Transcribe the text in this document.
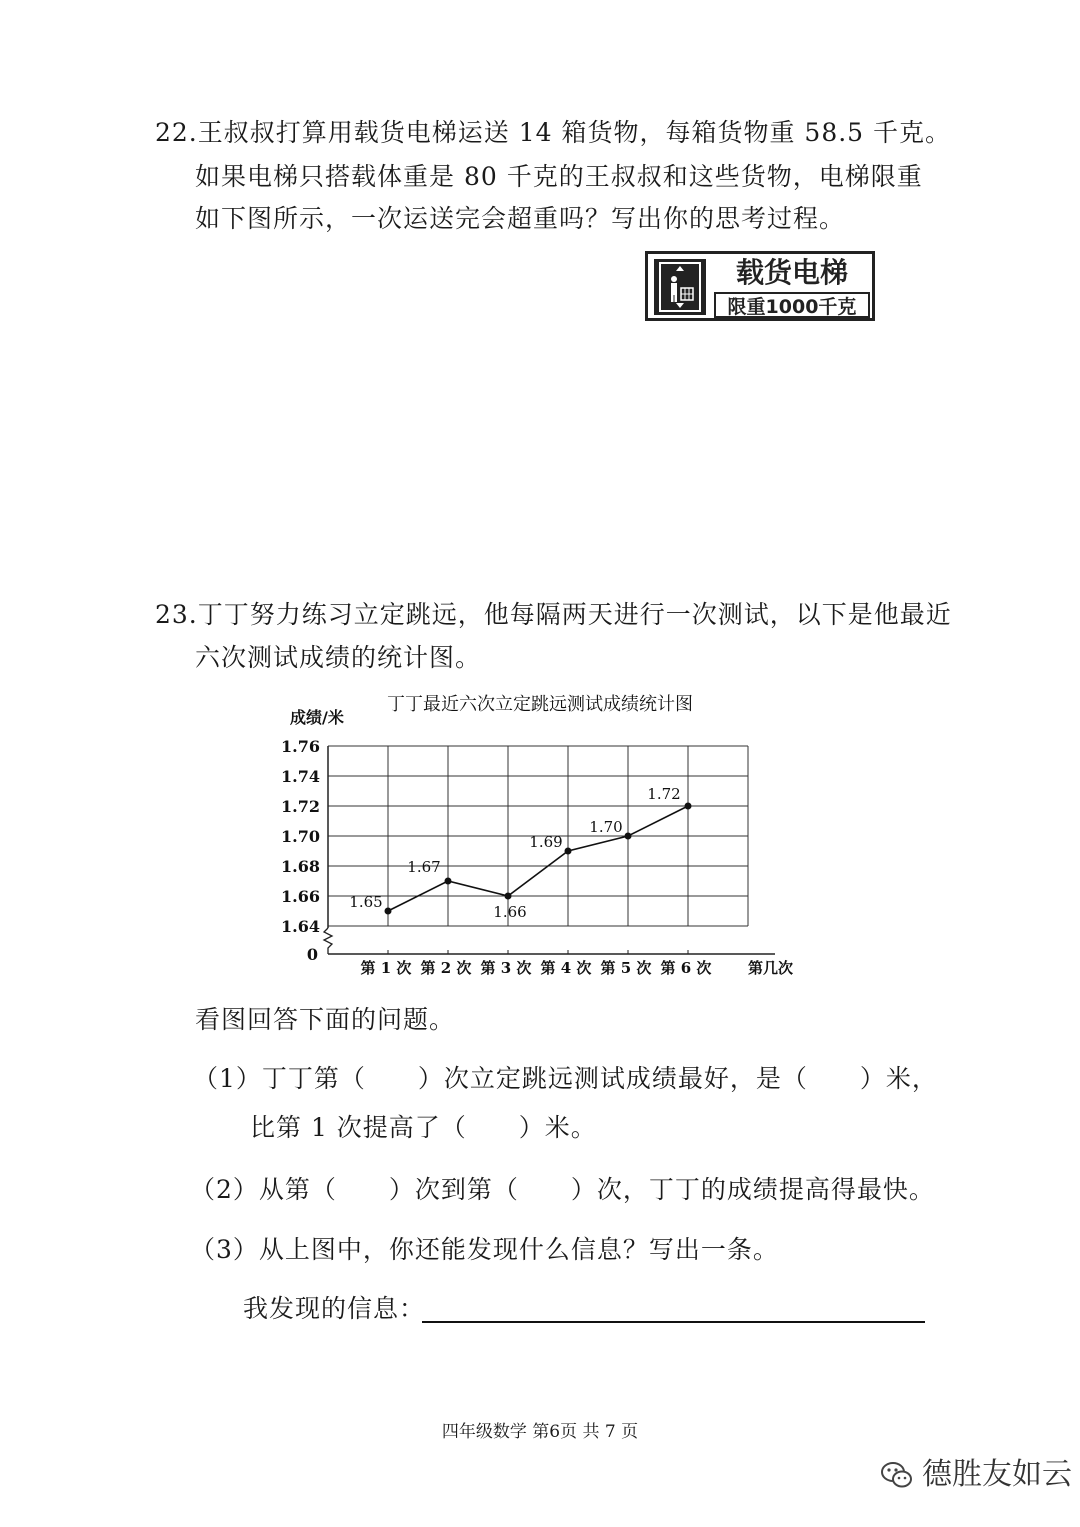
22.王叔叔打算用载货电梯运送 14 箱货物，每箱货物重 58.5 千克。
如果电梯只搭载体重是 80 千克的王叔叔和这些货物，电梯限重
如下图所示，一次运送完会超重吗？写出你的思考过程。
载货电梯
限重1000千克
23.丁丁努力练习立定跳远，他每隔两天进行一次测试，以下是他最近
六次测试成绩的统计图。
丁丁最近六次立定跳远测试成绩统计图
成绩/米
第几次
0
1.64
1.66
1.68
1.70
1.72
1.74
1.76
第 1 次 第 2 次 第 3 次 第 4 次 第 5 次 第 6 次
1.65
1.67
1.66
1.69
1.70
1.72
看图回答下面的问题。
（1）丁丁第（　　）次立定跳远测试成绩最好，是（　　）米，
比第 1 次提高了（　　）米。
（2）从第（　　）次到第（　　）次，丁丁的成绩提高得最快。
（3）从上图中，你还能发现什么信息？写出一条。
我发现的信息：
四年级数学 第6页 共 7 页
德胜友如云
